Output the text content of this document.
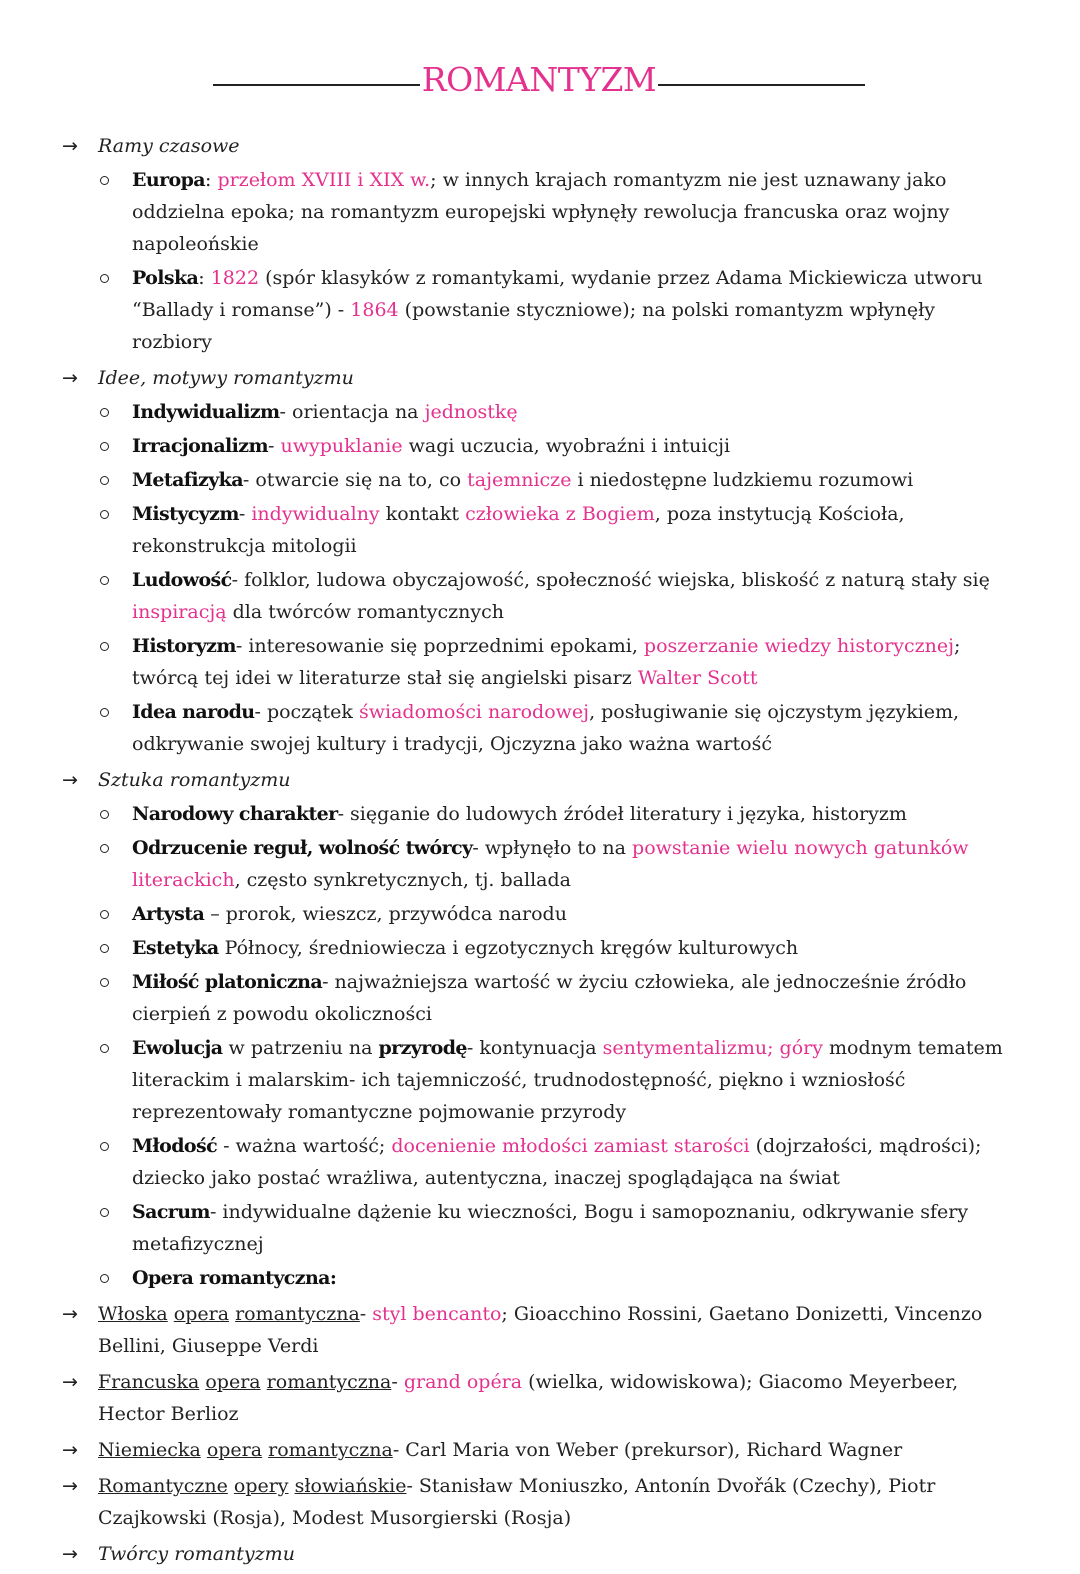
ROMANTYZM
→ Ramy czasowe
Europa: przełom XVIII i XIX w.; w innych krajach romantyzm nie jest uznawany jako oddzielna epoka; na romantyzm europejski wpłynęły rewolucja francuska oraz wojny napoleońskie
Polska: 1822 (spór klasyków z romantykami, wydanie przez Adama Mickiewicza utworu “Ballady i romanse”) - 1864 (powstanie styczniowe); na polski romantyzm wpłynęły rozbiory
→ Idee, motywy romantyzmu
Indywidualizm- orientacja na jednostkę
Irracjonalizm- uwypuklanie wagi uczucia, wyobraźni i intuicji
Metafizyka- otwarcie się na to, co tajemnicze i niedostępne ludzkiemu rozumowi
Mistycyzm- indywidualny kontakt człowieka z Bogiem, poza instytucją Kościoła, rekonstrukcja mitologii
Ludowość- folklor, ludowa obyczajowość, społeczność wiejska, bliskość z naturą stały się inspiracją dla twórców romantycznych
Historyzm- interesowanie się poprzednimi epokami, poszerzanie wiedzy historycznej; twórcą tej idei w literaturze stał się angielski pisarz Walter Scott
Idea narodu- początek świadomości narodowej, posługiwanie się ojczystym językiem, odkrywanie swojej kultury i tradycji, Ojczyzna jako ważna wartość
→ Sztuka romantyzmu
Narodowy charakter- sięganie do ludowych źródeł literatury i języka, historyzm
Odrzucenie reguł, wolność twórcy- wpłynęło to na powstanie wielu nowych gatunków literackich, często synkretycznych, tj. ballada
Artysta – prorok, wieszcz, przywódca narodu
Estetyka Północy, średniowiecza i egzotycznych kręgów kulturowych
Miłość platoniczna- najważniejsza wartość w życiu człowieka, ale jednocześnie źródło cierpień z powodu okoliczności
Ewolucja w patrzeniu na przyrodę- kontynuacja sentymentalizmu; góry modnym tematem literackim i malarskim- ich tajemniczość, trudnodostępność, piękno i wzniosłość reprezentowały romantyczne pojmowanie przyrody
Młodość - ważna wartość; docenienie młodości zamiast starości (dojrzałości, mądrości); dziecko jako postać wrażliwa, autentyczna, inaczej spoglądająca na świat
Sacrum- indywidualne dążenie ku wieczności, Bogu i samopoznaniu, odkrywanie sfery metafizycznej
Opera romantyczna:
→ Włoska opera romantyczna- styl bencanto; Gioacchino Rossini, Gaetano Donizetti, Vincenzo Bellini, Giuseppe Verdi
→ Francuska opera romantyczna- grand opéra (wielka, widowiskowa); Giacomo Meyerbeer, Hector Berlioz
→ Niemiecka opera romantyczna- Carl Maria von Weber (prekursor), Richard Wagner
→ Romantyczne opery słowiańskie- Stanisław Moniuszko, Antonín Dvořák (Czechy), Piotr Czajkowski (Rosja), Modest Musorgierski (Rosja)
→ Twórcy romantyzmu
